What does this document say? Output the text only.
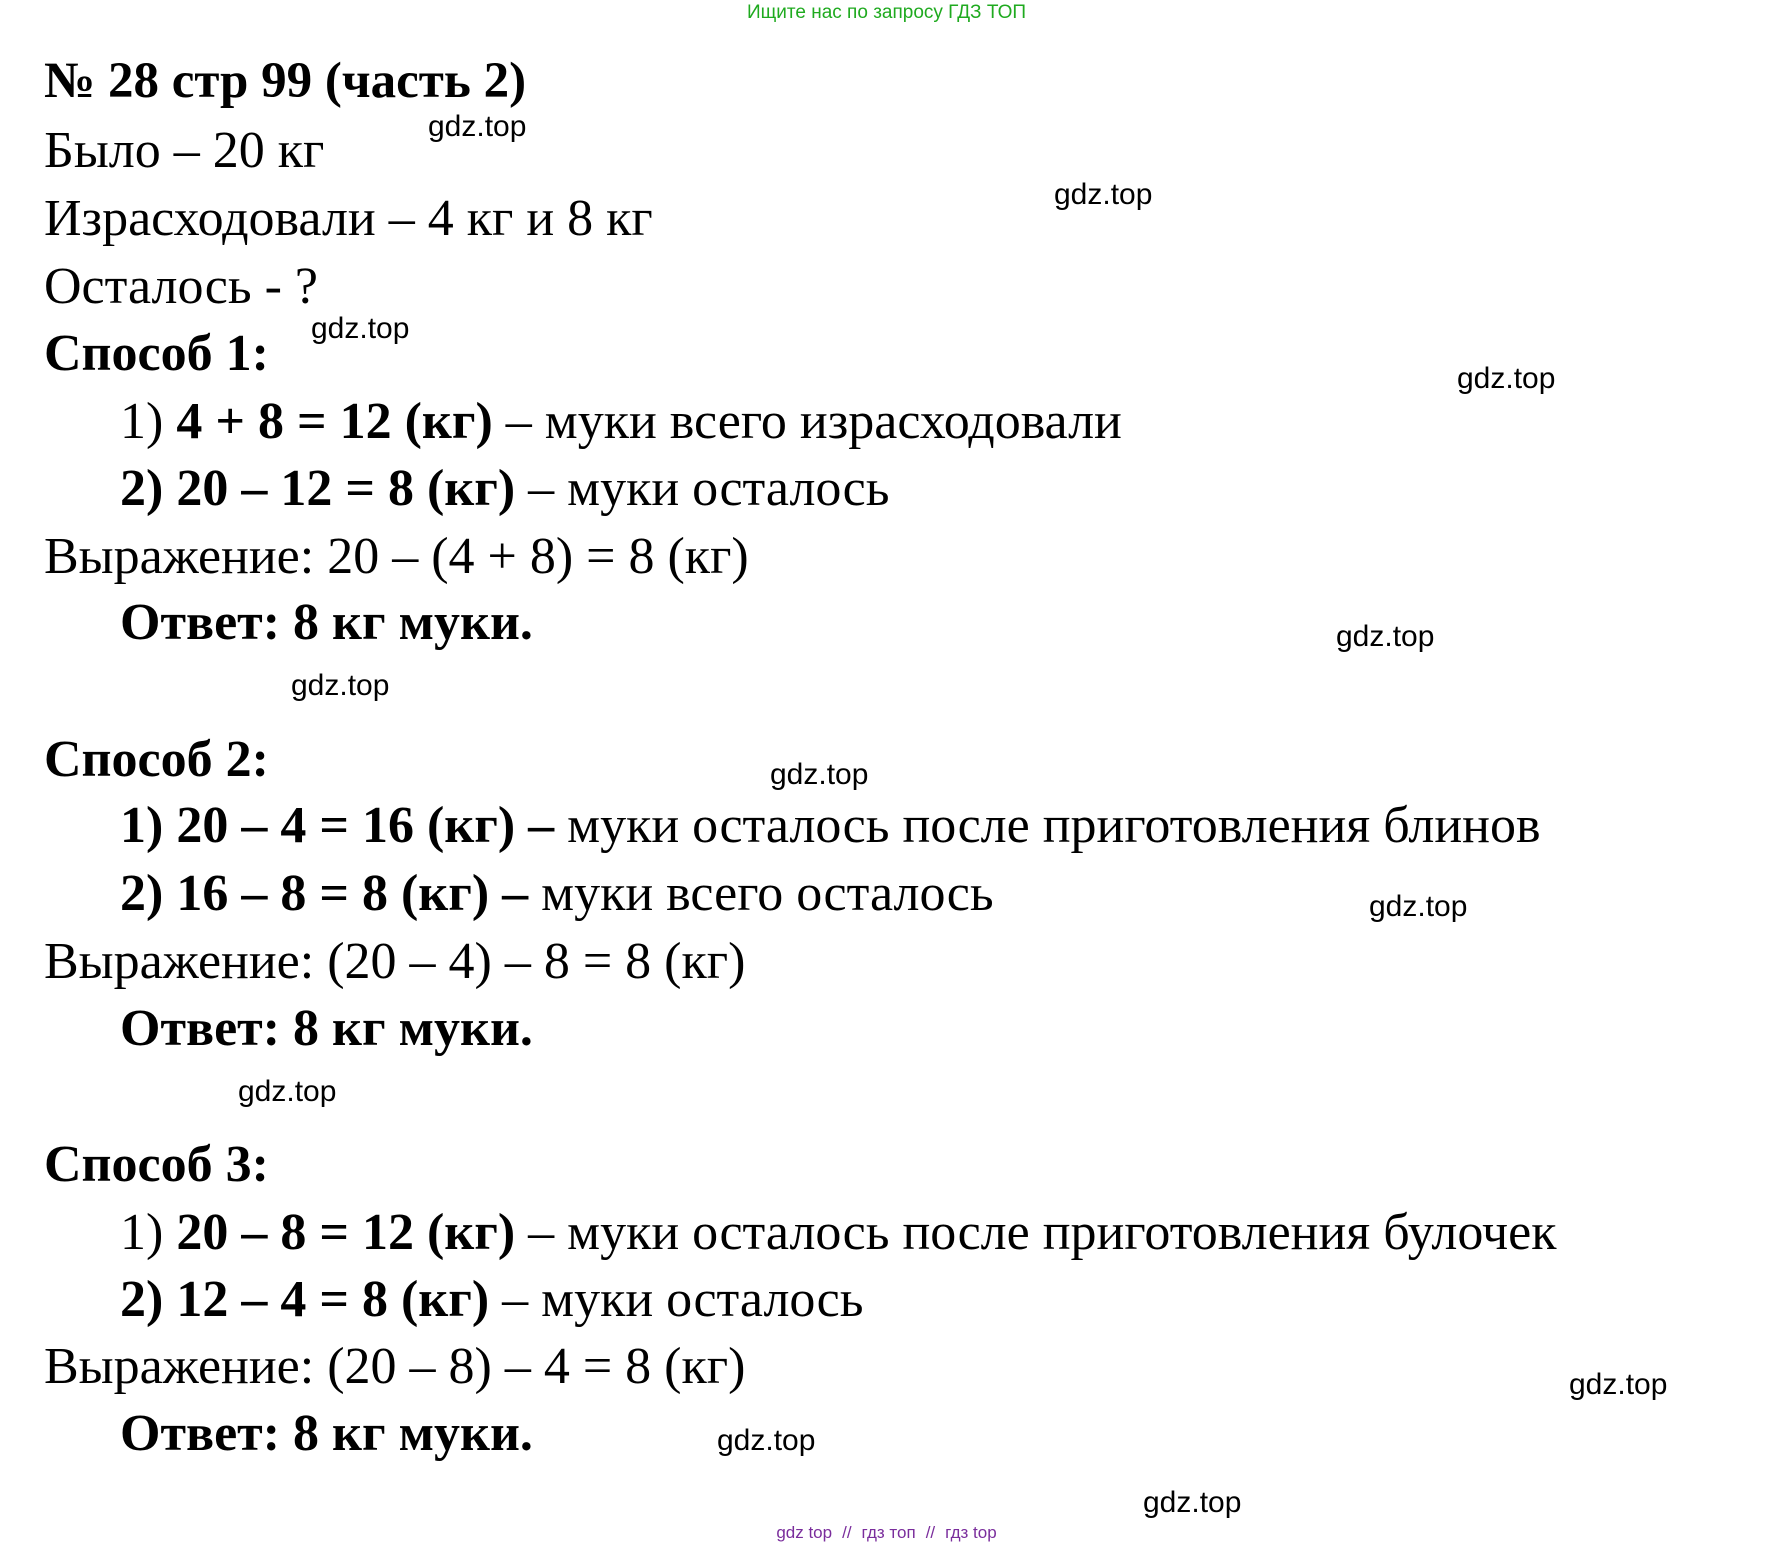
Ищите нас по запросу ГДЗ ТОП
№ 28 стр 99 (часть 2)
Было – 20 кг
Израсходовали – 4 кг и 8 кг
Осталось - ?
Способ 1:
1) 4 + 8 = 12 (кг) – муки всего израсходовали
2) 20 – 12 = 8 (кг) – муки осталось
Выражение: 20 – (4 + 8) = 8 (кг)
Ответ: 8 кг муки.
Способ 2:
1) 20 – 4 = 16 (кг) – муки осталось после приготовления блинов
2) 16 – 8 = 8 (кг) – муки всего осталось
Выражение: (20 – 4) – 8 = 8 (кг)
Ответ: 8 кг муки.
Способ 3:
1) 20 – 8 = 12 (кг) – муки осталось после приготовления булочек
2) 12 – 4 = 8 (кг) – муки осталось
Выражение: (20 – 8) – 4 = 8 (кг)
Ответ: 8 кг муки.
gdz.top
gdz.top
gdz.top
gdz.top
gdz.top
gdz.top
gdz.top
gdz.top
gdz.top
gdz.top
gdz.top
gdz.top
gdz top // гдз топ // гдз top
